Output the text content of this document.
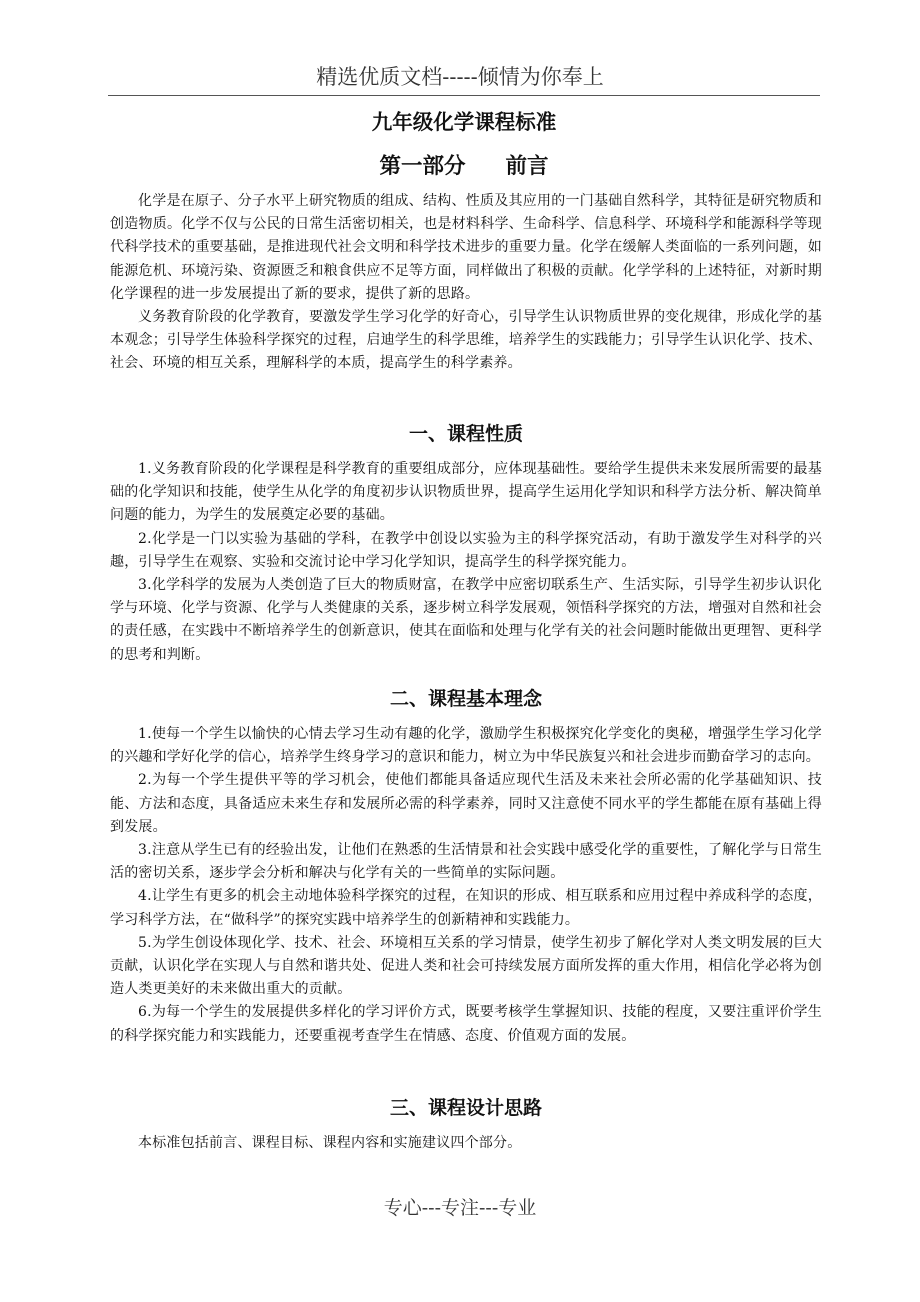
精选优质文档-----倾情为你奉上
九年级化学课程标准
第一部分 前言

化学是在原子、分子水平上研究物质的组成、结构、性质及其应用的一门基础自然科学，其特征是研究物质和创造物质。化学不仅与公民的日常生活密切相关，也是材料科学、生命科学、信息科学、环境科学和能源科学等现代科学技术的重要基础，是推进现代社会文明和科学技术进步的重要力量。化学在缓解人类面临的一系列问题，如能源危机、环境污染、资源匮乏和粮食供应不足等方面，同样做出了积极的贡献。化学学科的上述特征，对新时期化学课程的进一步发展提出了新的要求，提供了新的思路。

义务教育阶段的化学教育，要激发学生学习化学的好奇心，引导学生认识物质世界的变化规律，形成化学的基本观念；引导学生体验科学探究的过程，启迪学生的科学思维，培养学生的实践能力；引导学生认识化学、技术、社会、环境的相互关系，理解科学的本质，提高学生的科学素养。

一、课程性质

1.义务教育阶段的化学课程是科学教育的重要组成部分，应体现基础性。要给学生提供未来发展所需要的最基础的化学知识和技能，使学生从化学的角度初步认识物质世界，提高学生运用化学知识和科学方法分析、解决简单问题的能力，为学生的发展奠定必要的基础。

2.化学是一门以实验为基础的学科，在教学中创设以实验为主的科学探究活动，有助于激发学生对科学的兴趣，引导学生在观察、实验和交流讨论中学习化学知识，提高学生的科学探究能力。

3.化学科学的发展为人类创造了巨大的物质财富，在教学中应密切联系生产、生活实际，引导学生初步认识化学与环境、化学与资源、化学与人类健康的关系，逐步树立科学发展观，领悟科学探究的方法，增强对自然和社会的责任感，在实践中不断培养学生的创新意识，使其在面临和处理与化学有关的社会问题时能做出更理智、更科学的思考和判断。

二、课程基本理念

1.使每一个学生以愉快的心情去学习生动有趣的化学，激励学生积极探究化学变化的奥秘，增强学生学习化学的兴趣和学好化学的信心，培养学生终身学习的意识和能力，树立为中华民族复兴和社会进步而勤奋学习的志向。

2.为每一个学生提供平等的学习机会，使他们都能具备适应现代生活及未来社会所必需的化学基础知识、技能、方法和态度，具备适应未来生存和发展所必需的科学素养，同时又注意使不同水平的学生都能在原有基础上得到发展。

3.注意从学生已有的经验出发，让他们在熟悉的生活情景和社会实践中感受化学的重要性，了解化学与日常生活的密切关系，逐步学会分析和解决与化学有关的一些简单的实际问题。

4.让学生有更多的机会主动地体验科学探究的过程，在知识的形成、相互联系和应用过程中养成科学的态度，学习科学方法，在“做科学”的探究实践中培养学生的创新精神和实践能力。

5.为学生创设体现化学、技术、社会、环境相互关系的学习情景，使学生初步了解化学对人类文明发展的巨大贡献，认识化学在实现人与自然和谐共处、促进人类和社会可持续发展方面所发挥的重大作用，相信化学必将为创造人类更美好的未来做出重大的贡献。

6.为每一个学生的发展提供多样化的学习评价方式，既要考核学生掌握知识、技能的程度，又要注重评价学生的科学探究能力和实践能力，还要重视考查学生在情感、态度、价值观方面的发展。

三、课程设计思路

本标准包括前言、课程目标、课程内容和实施建议四个部分。

专心---专注---专业
